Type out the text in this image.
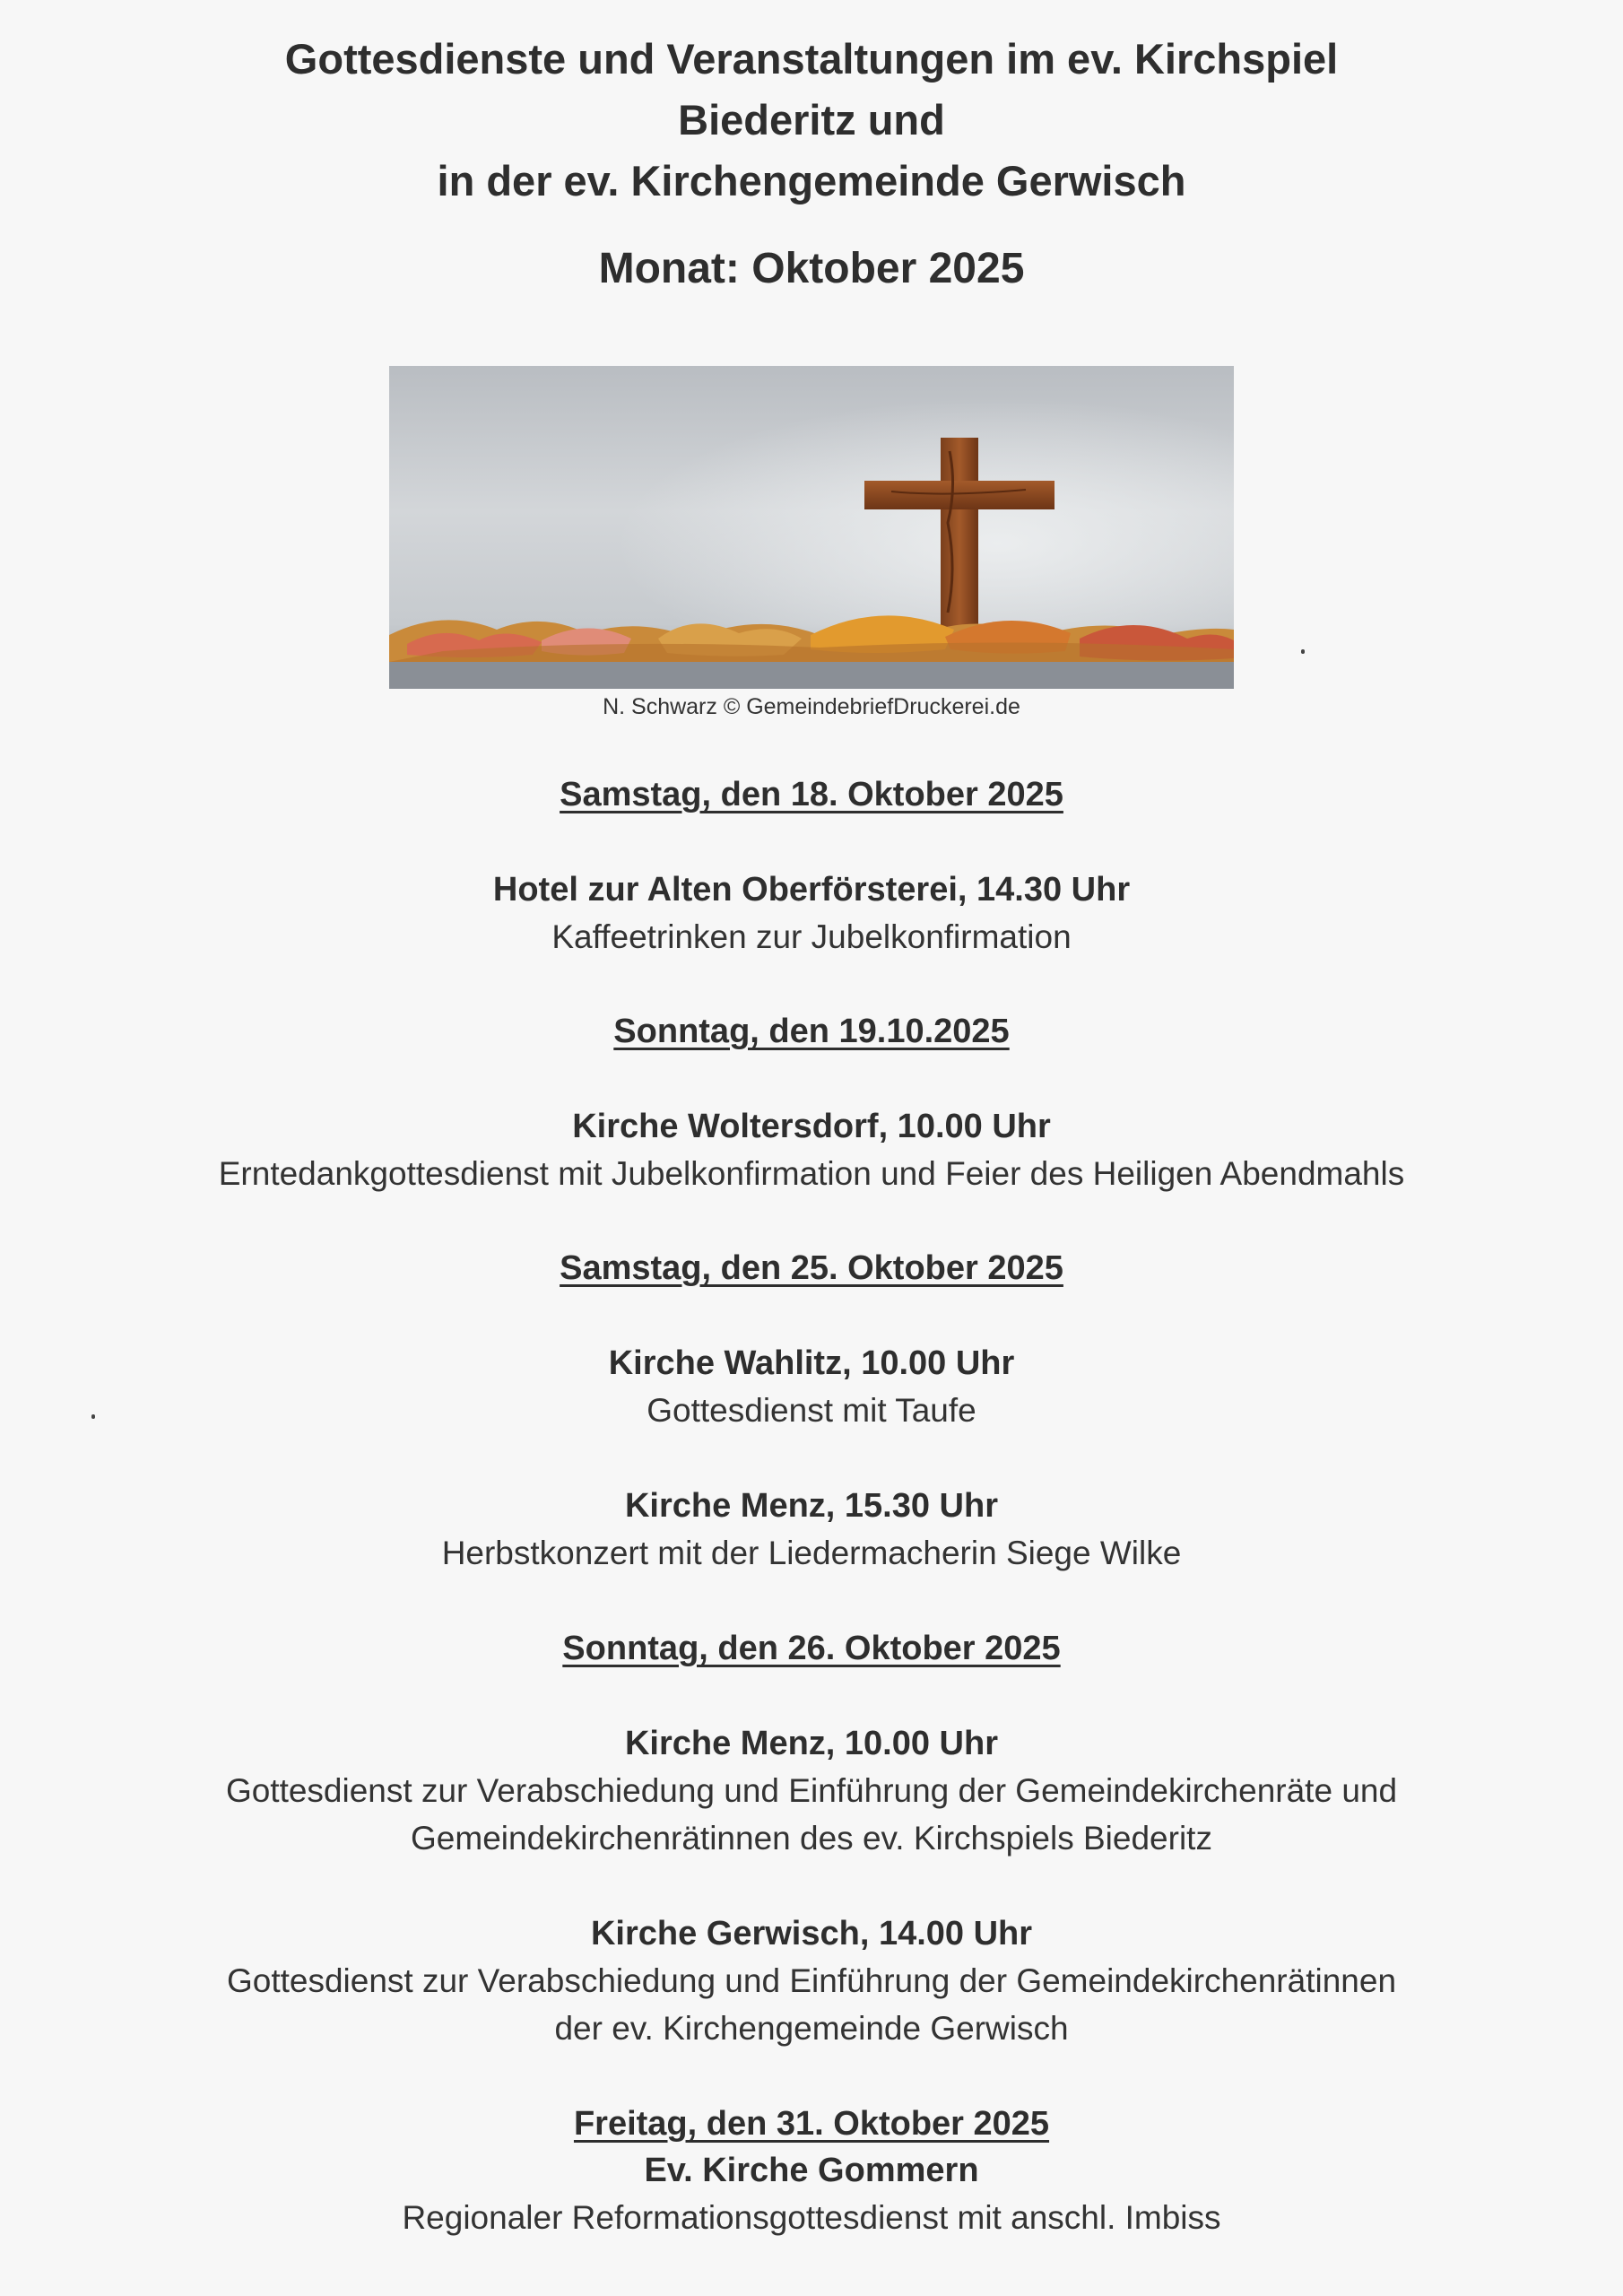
Gottesdienste und Veranstaltungen im ev. Kirchspiel
Biederitz und
in der ev. Kirchengemeinde Gerwisch
Monat: Oktober 2025
N. Schwarz © GemeindebriefDruckerei.de
Samstag, den 18. Oktober 2025
Hotel zur Alten Oberförsterei, 14.30 Uhr
Kaffeetrinken zur Jubelkonfirmation
Sonntag, den 19.10.2025
Kirche Woltersdorf, 10.00 Uhr
Erntedankgottesdienst mit Jubelkonfirmation und Feier des Heiligen Abendmahls
Samstag, den 25. Oktober 2025
Kirche Wahlitz, 10.00 Uhr
Gottesdienst mit Taufe
Kirche Menz, 15.30 Uhr
Herbstkonzert mit der Liedermacherin Siege Wilke
Sonntag, den 26. Oktober 2025
Kirche Menz, 10.00 Uhr
Gottesdienst zur Verabschiedung und Einführung der Gemeindekirchenräte und
Gemeindekirchenrätinnen des ev. Kirchspiels Biederitz
Kirche Gerwisch, 14.00 Uhr
Gottesdienst zur Verabschiedung und Einführung der Gemeindekirchenrätinnen
der ev. Kirchengemeinde Gerwisch
Freitag, den 31. Oktober 2025
Ev. Kirche Gommern
Regionaler Reformationsgottesdienst mit anschl. Imbiss
